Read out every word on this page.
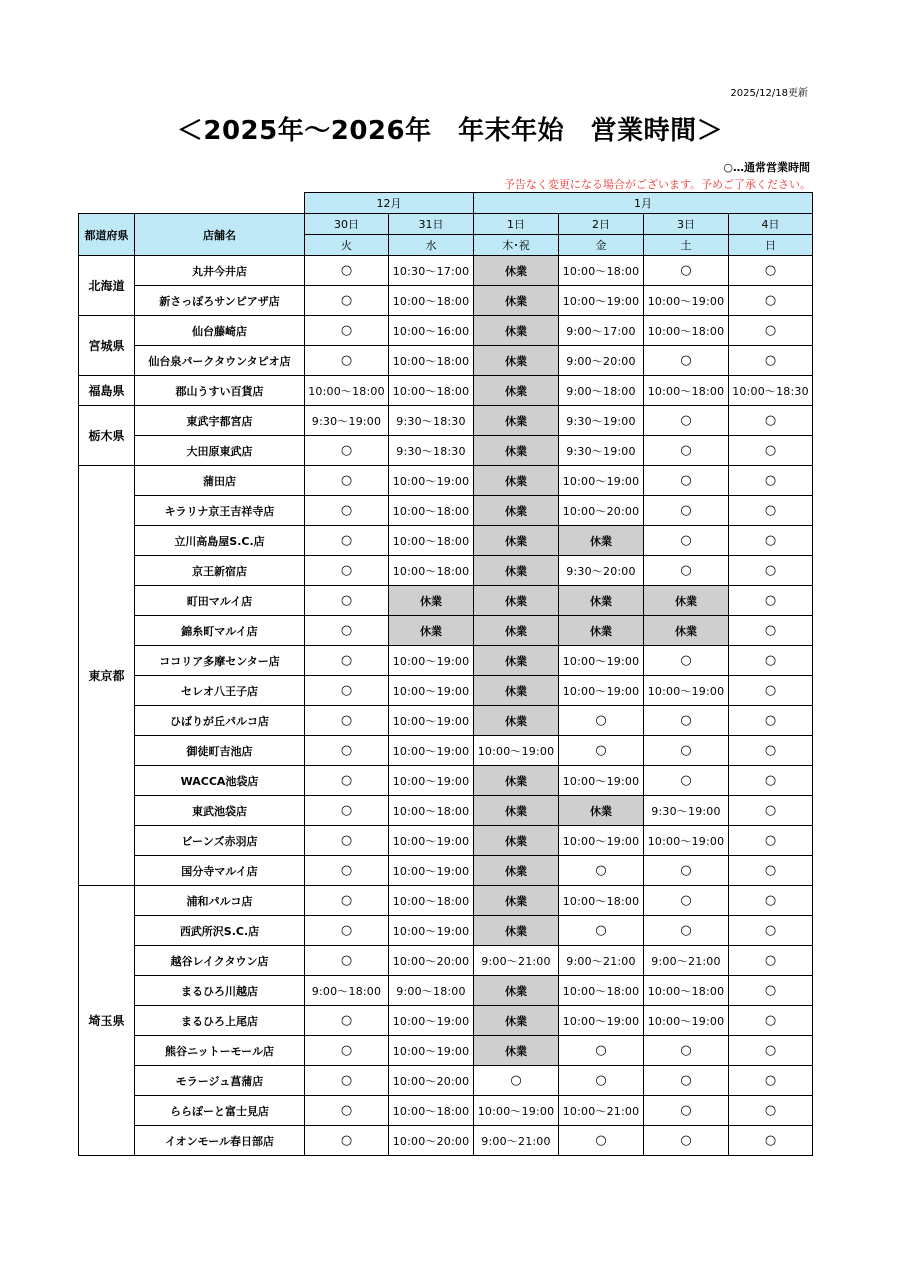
2025/12/18更新
＜2025年～2026年　年末年始　営業時間＞
○…通常営業時間
予告なく変更になる場合がございます。予めご了承ください。
		12月		1月			
都道府県	店舗名	30日	31日	1日	2日	3日	4日
		火	水	木･祝	金	土	日
北海道	丸井今井店	○	10:30～17:00	休業	10:00～18:00	○	○
	新さっぽろサンピアザ店	○	10:00～18:00	休業	10:00～19:00	10:00～19:00	○
宮城県	仙台藤崎店	○	10:00～16:00	休業	9:00～17:00	10:00～18:00	○
	仙台泉パークタウンタピオ店	○	10:00～18:00	休業	9:00～20:00	○	○
福島県	郡山うすい百貨店	10:00～18:00	10:00～18:00	休業	9:00～18:00	10:00～18:00	10:00～18:30
栃木県	東武宇都宮店	9:30～19:00	9:30～18:30	休業	9:30～19:00	○	○
	大田原東武店	○	9:30～18:30	休業	9:30～19:00	○	○
東京都	蒲田店	○	10:00～19:00	休業	10:00～19:00	○	○
	キラリナ京王吉祥寺店	○	10:00～18:00	休業	10:00～20:00	○	○
	立川高島屋S.C.店	○	10:00～18:00	休業	休業	○	○
	京王新宿店	○	10:00～18:00	休業	9:30～20:00	○	○
	町田マルイ店	○	休業	休業	休業	休業	○
	錦糸町マルイ店	○	休業	休業	休業	休業	○
	ココリア多摩センター店	○	10:00～19:00	休業	10:00～19:00	○	○
	セレオ八王子店	○	10:00～19:00	休業	10:00～19:00	10:00～19:00	○
	ひばりが丘パルコ店	○	10:00～19:00	休業	○	○	○
	御徒町吉池店	○	10:00～19:00	10:00～19:00	○	○	○
	WACCA池袋店	○	10:00～19:00	休業	10:00～19:00	○	○
	東武池袋店	○	10:00～18:00	休業	休業	9:30～19:00	○
	ビーンズ赤羽店	○	10:00～19:00	休業	10:00～19:00	10:00～19:00	○
	国分寺マルイ店	○	10:00～19:00	休業	○	○	○
埼玉県	浦和パルコ店	○	10:00～18:00	休業	10:00～18:00	○	○
	西武所沢S.C.店	○	10:00～19:00	休業	○	○	○
	越谷レイクタウン店	○	10:00～20:00	9:00～21:00	9:00～21:00	9:00～21:00	○
	まるひろ川越店	9:00～18:00	9:00～18:00	休業	10:00～18:00	10:00～18:00	○
	まるひろ上尾店	○	10:00～19:00	休業	10:00～19:00	10:00～19:00	○
	熊谷ニットーモール店	○	10:00～19:00	休業	○	○	○
	モラージュ菖蒲店	○	10:00～20:00	○	○	○	○
	ららぽーと富士見店	○	10:00～18:00	10:00～19:00	10:00～21:00	○	○
	イオンモール春日部店	○	10:00～20:00	9:00～21:00	○	○	○
